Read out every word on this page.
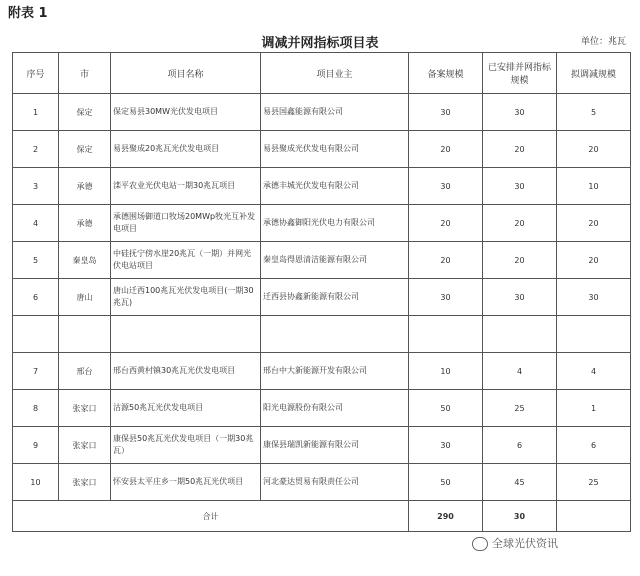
附表 1
调减并网指标项目表	单位：兆瓦
序号	市	项目名称	项目业主	备案规模	已安排并网指标规模	拟调减规模
1	保定	保定易县30MW光伏发电项目	易县国鑫能源有限公司	30	30	5
2	保定	易县聚成20兆瓦光伏发电项目	易县聚成光伏发电有限公司	20	20	20
3	承德	滦平农业光伏电站一期30兆瓦项目	承德丰城光伏发电有限公司	30	30	10
4	承德	承德围场御道口牧场20MWp牧光互补发电项目	承德协鑫御阳光伏电力有限公司	20	20	20
5	秦皇岛	中硅抚宁傍水崖20兆瓦（一期）并网光伏电站项目	秦皇岛得恩清洁能源有限公司	20	20	20
6	唐山	唐山迁西100兆瓦光伏发电项目(一期30兆瓦)	迁西县协鑫新能源有限公司	30	30	30

7	邢台	邢台西黄村镇30兆瓦光伏发电项目	邢台中大新能源开发有限公司	10	4	4
8	张家口	沽源50兆瓦光伏发电项目	阳光电源股份有限公司	50	25	1
9	张家口	康保县50兆瓦光伏发电项目（一期30兆瓦）	康保县瑞凯新能源有限公司	30	6	6
10	张家口	怀安县太平庄乡一期50兆瓦光伏项目	河北豪达贸易有限责任公司	50	45	25
合计				290	30	
全球光伏资讯
